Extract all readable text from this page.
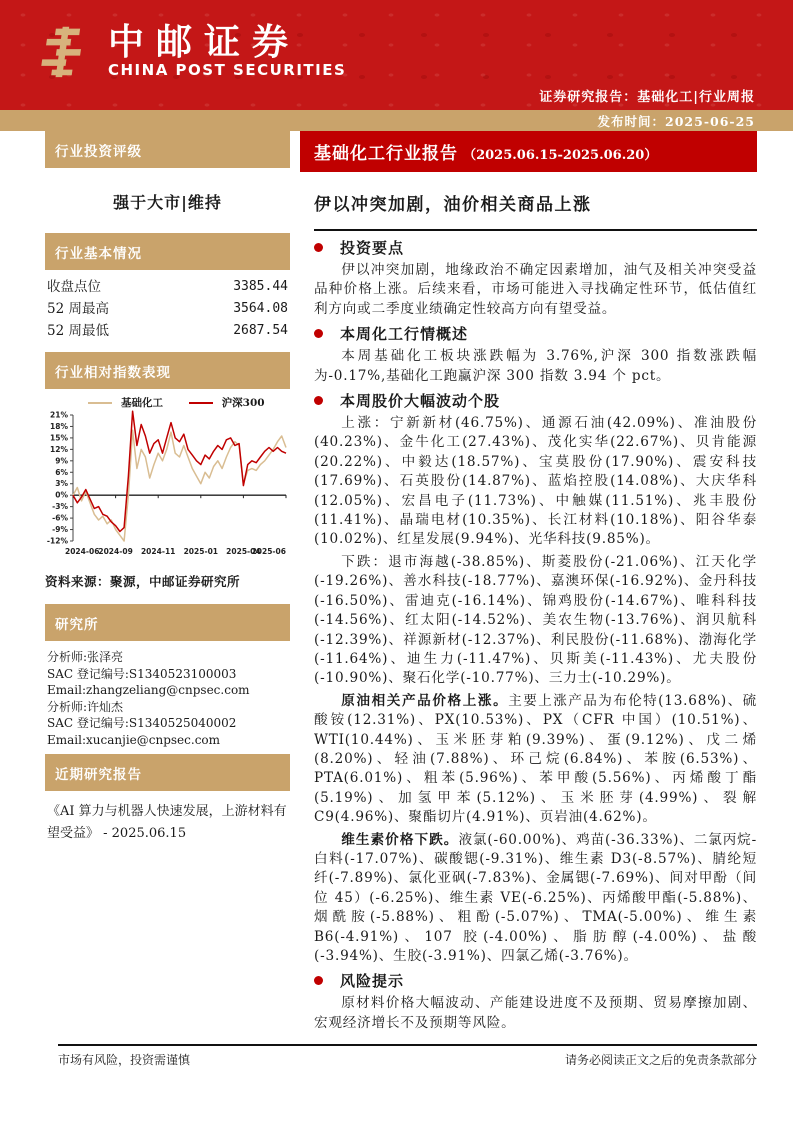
中邮证券
CHINA POST SECURITIES
证券研究报告：基础化工|行业周报
发布时间：2025-06-25
行业投资评级
强于大市|维持
行业基本情况
收盘点位	3385.44
52 周最高	3564.08
52 周最低	2687.54
行业相对指数表现
基础化工	沪深300
21%
18%
15%
12%
9%
6%
3%
0%
-3%
-6%
-9%
-12%
2024-06
2024-09 2024-11 2025-01 2025-04
2025-06
资料来源：聚源，中邮证券研究所
研究所
分析师:张泽亮
SAC 登记编号:S1340523100003
Email:zhangzeliang@cnpsec.com
分析师:许灿杰
SAC 登记编号:S1340525040002
Email:xucanjie@cnpsec.com
近期研究报告
《AI 算力与机器人快速发展，上游材料有望受益》 - 2025.06.15
基础化工行业报告 （2025.06.15-2025.06.20）
伊以冲突加剧，油价相关商品上涨
投资要点
伊以冲突加剧，地缘政治不确定因素增加，油气及相关冲突受益品种价格上涨。后续来看，市场可能进入寻找确定性环节，低估值红利方向或二季度业绩确定性较高方向有望受益。
本周化工行情概述
本周基础化工板块涨跌幅为 3.76%,沪深 300 指数涨跌幅为-0.17%,基础化工跑赢沪深 300 指数 3.94 个 pct。
本周股价大幅波动个股
上涨：宁新新材(46.75%)、通源石油(42.09%)、准油股份(40.23%)、金牛化工(27.43%)、茂化实华(22.67%)、贝肯能源(20.22%)、中毅达(18.57%)、宝莫股份(17.90%)、震安科技(17.69%)、石英股份(14.87%)、蓝焰控股(14.08%)、大庆华科(12.05%)、宏昌电子(11.73%)、中触媒(11.51%)、兆丰股份(11.41%)、晶瑞电材(10.35%)、长江材料(10.18%)、阳谷华泰(10.02%)、红星发展(9.94%)、光华科技(9.85%)。
下跌：退市海越(-38.85%)、斯菱股份(-21.06%)、江天化学(-19.26%)、善水科技(-18.77%)、嘉澳环保(-16.92%)、金丹科技(-16.50%)、雷迪克(-16.14%)、锦鸡股份(-14.67%)、唯科科技(-14.56%)、红太阳(-14.52%)、美农生物(-13.76%)、润贝航科(-12.39%)、祥源新材(-12.37%)、利民股份(-11.68%)、渤海化学(-11.64%)、迪生力(-11.47%)、贝斯美(-11.43%)、尤夫股份(-10.90%)、聚石化学(-10.77%)、三力士(-10.29%)。
原油相关产品价格上涨。主要上涨产品为布伦特(13.68%)、硫酸铵(12.31%)、PX(10.53%)、PX（CFR 中国）(10.51%)、WTI(10.44%)、玉米胚芽粕(9.39%)、蛋(9.12%)、戊二烯(8.20%)、轻油(7.88%)、环己烷(6.84%)、苯胺(6.53%)、PTA(6.01%)、粗苯(5.96%)、苯甲酸(5.56%)、丙烯酸丁酯(5.19%)、加氢甲苯(5.12%)、玉米胚芽(4.99%)、裂解 C9(4.96%)、聚酯切片(4.91%)、页岩油(4.62%)。
维生素价格下跌。液氯(-60.00%)、鸡苗(-36.33%)、二氯丙烷-白料(-17.07%)、碳酸锶(-9.31%)、维生素 D3(-8.57%)、腈纶短纤(-7.89%)、氯化亚砜(-7.83%)、金属锶(-7.69%)、间对甲酚（间位 45）(-6.25%)、维生素 VE(-6.25%)、丙烯酸甲酯(-5.88%)、烟酰胺(-5.88%)、粗酚(-5.07%)、TMA(-5.00%)、维生素 B6(-4.91%)、107 胶(-4.00%)、脂肪醇(-4.00%)、盐酸(-3.94%)、生胶(-3.91%)、四氯乙烯(-3.76%)。
风险提示
原材料价格大幅波动、产能建设进度不及预期、贸易摩擦加剧、宏观经济增长不及预期等风险。
市场有风险，投资需谨慎	请务必阅读正文之后的免责条款部分
